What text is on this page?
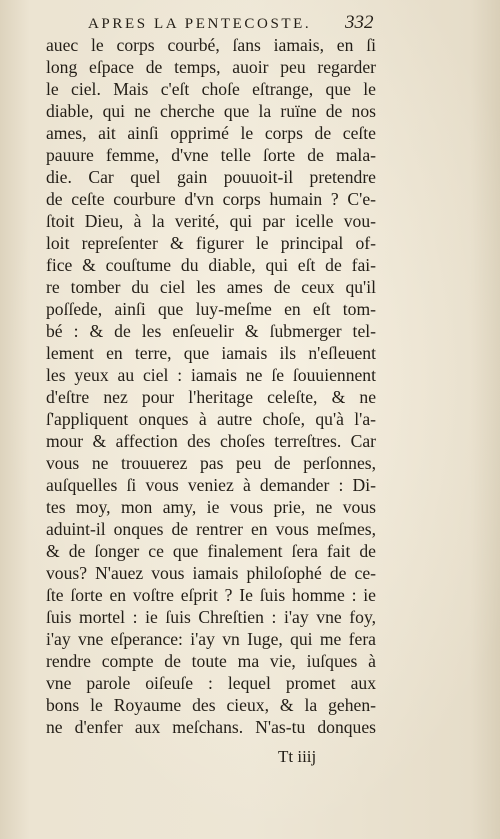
APRES LA PENTECOSTE.	332
auec le corps courbé, ſans iamais, en ſi
long eſpace de temps, auoir peu regarder
le ciel. Mais c'eſt choſe eſtrange, que le
diable, qui ne cherche que la ruïne de nos
ames, ait ainſi opprimé le corps de ceſte
pauure femme, d'vne telle ſorte de mala-
die. Car quel gain pouuoit-il pretendre
de ceſte courbure d'vn corps humain ? C'e-
ſtoit Dieu, à la verité, qui par icelle vou-
loit repreſenter & figurer le principal of-
fice & couſtume du diable, qui eſt de fai-
re tomber du ciel les ames de ceux qu'il
poſſede, ainſi que luy-meſme en eſt tom-
bé : & de les enſeuelir & ſubmerger tel-
lement en terre, que iamais ils n'eſleuent
les yeux au ciel : iamais ne ſe ſouuiennent
d'eſtre nez pour l'heritage celeſte, & ne
ſ'appliquent onques à autre choſe, qu'à l'a-
mour & affection des choſes terreſtres. Car
vous ne trouuerez pas peu de perſonnes,
auſquelles ſi vous veniez à demander : Di-
tes moy, mon amy, ie vous prie, ne vous
aduint-il onques de rentrer en vous meſmes,
& de ſonger ce que finalement ſera fait de
vous? N'auez vous iamais philoſophé de ce-
ſte ſorte en voſtre eſprit ? Ie ſuis homme : ie
ſuis mortel : ie ſuis Chreſtien : i'ay vne foy,
i'ay vne eſperance: i'ay vn Iuge, qui me fera
rendre compte de toute ma vie, iuſques à
vne parole oiſeuſe : lequel promet aux
bons le Royaume des cieux, & la gehen-
ne d'enfer aux meſchans. N'as-tu donques
Tt iiij
